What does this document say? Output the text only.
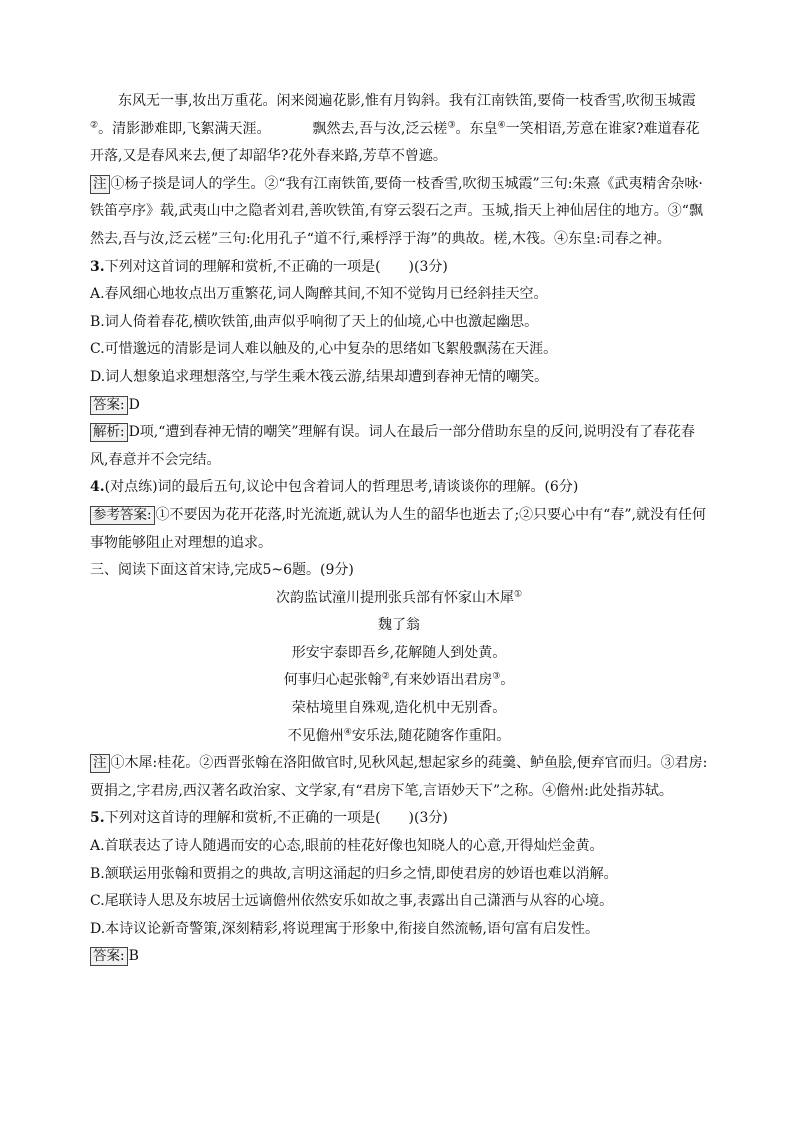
东风无一事,妆出万重花。闲来阅遍花影,惟有月钩斜。我有江南铁笛,要倚一枝香雪,吹彻玉城霞②。清影渺难即,飞絮满天涯。	飘然去,吾与汝,泛云槎③。东皇④一笑相语,芳意在谁家?难道春花开落,又是春风来去,便了却韶华?花外春来路,芳草不曾遮。

注 ①杨子掞是词人的学生。②“我有江南铁笛,要倚一枝香雪,吹彻玉城霞”三句:朱熹《武夷精舍杂咏·铁笛亭序》载,武夷山中之隐者刘君,善吹铁笛,有穿云裂石之声。玉城,指天上神仙居住的地方。③“飘然去,吾与汝,泛云槎”三句:化用孔子“道不行,乘桴浮于海”的典故。槎,木筏。④东皇:司春之神。

3.下列对这首词的理解和赏析,不正确的一项是(　　)(3分)

A.春风细心地妆点出万重繁花,词人陶醉其间,不知不觉钩月已经斜挂天空。

B.词人倚着春花,横吹铁笛,曲声似乎响彻了天上的仙境,心中也激起幽思。

C.可惜邈远的清影是词人难以触及的,心中复杂的思绪如飞絮般飘荡在天涯。

D.词人想象追求理想落空,与学生乘木筏云游,结果却遭到春神无情的嘲笑。

答案: D

解析: D项,“遭到春神无情的嘲笑”理解有误。词人在最后一部分借助东皇的反问,说明没有了春花春风,春意并不会完结。

4.(对点练)词的最后五句,议论中包含着词人的哲理思考,请谈谈你的理解。(6分)

参考答案: ①不要因为花开花落,时光流逝,就认为人生的韶华也逝去了;②只要心中有“春”,就没有任何事物能够阻止对理想的追求。

三、阅读下面这首宋诗,完成5~6题。(9分)

次韵监试潼川提刑张兵部有怀家山木犀①

魏了翁

形安宇泰即吾乡,花解随人到处黄。

何事归心起张翰②,有来妙语出君房③。

荣枯境里自殊观,造化机中无别香。

不见儋州④安乐法,随花随客作重阳。

注 ①木犀:桂花。②西晋张翰在洛阳做官时,见秋风起,想起家乡的莼羹、鲈鱼脍,便弃官而归。③君房:贾捐之,字君房,西汉著名政治家、文学家,有“君房下笔,言语妙天下”之称。④儋州:此处指苏轼。

5.下列对这首诗的理解和赏析,不正确的一项是(　　)(3分)

A.首联表达了诗人随遇而安的心态,眼前的桂花好像也知晓人的心意,开得灿烂金黄。

B.颔联运用张翰和贾捐之的典故,言明这涌起的归乡之情,即使君房的妙语也难以消解。

C.尾联诗人思及东坡居士远谪儋州依然安乐如故之事,表露出自己潇洒与从容的心境。

D.本诗议论新奇警策,深刻精彩,将说理寓于形象中,衔接自然流畅,语句富有启发性。

答案: B
